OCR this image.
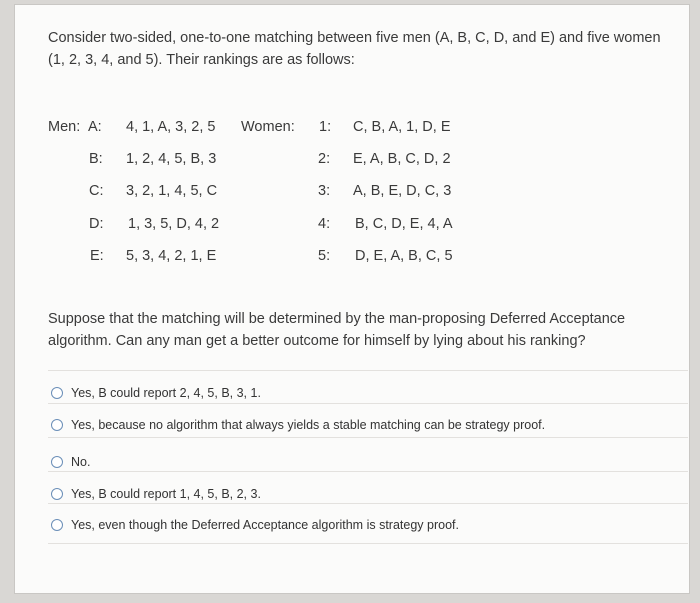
Consider two-sided, one-to-one matching between five men (A, B, C, D, and E) and five women (1, 2, 3, 4, and 5). Their rankings are as follows:
Men: A: 4, 1, A, 3, 2, 5
B: 1, 2, 4, 5, B, 3
C: 3, 2, 1, 4, 5, C
D: 1, 3, 5, D, 4, 2
E: 5, 3, 4, 2, 1, E
Women: 1: C, B, A, 1, D, E
2: E, A, B, C, D, 2
3: A, B, E, D, C, 3
4: B, C, D, E, 4, A
5: D, E, A, B, C, 5
Suppose that the matching will be determined by the man-proposing Deferred Acceptance algorithm. Can any man get a better outcome for himself by lying about his ranking?
Yes, B could report 2, 4, 5, B, 3, 1.
Yes, because no algorithm that always yields a stable matching can be strategy proof.
No.
Yes, B could report 1, 4, 5, B, 2, 3.
Yes, even though the Deferred Acceptance algorithm is strategy proof.
